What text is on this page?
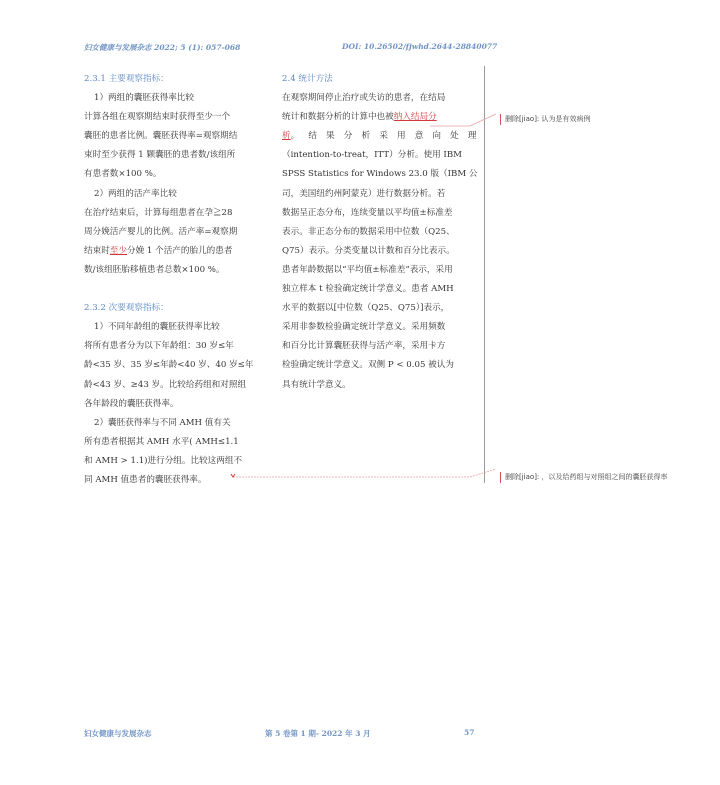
妇女健康与发展杂志 2022; 5 (1): 057-068	DOI: 10.26502/fjwhd.2644-28840077
2.3.1 主要观察指标：
1）两组的囊胚获得率比较
计算各组在观察期结束时获得至少一个
囊胚的患者比例。囊胚获得率=观察期结
束时至少获得 1 颗囊胚的患者数/该组所
有患者数×100 %。
2）两组的活产率比较
在治疗结束后，计算每组患者在孕≧28
周分娩活产婴儿的比例。活产率=观察期
结束时至少分娩 1 个活产的胎儿的患者
数/该组胚胎移植患者总数×100 %。
2.3.2 次要观察指标：
1）不同年龄组的囊胚获得率比较
将所有患者分为以下年龄组：30 岁≤年
龄<35 岁、35 岁≤年龄<40 岁、40 岁≤年
龄<43 岁、≥43 岁。比较给药组和对照组
各年龄段的囊胚获得率。
2）囊胚获得率与不同 AMH 值有关
所有患者根据其 AMH 水平( AMH≤1.1
和 AMH > 1.1)进行分组。比较这两组不
同 AMH 值患者的囊胚获得率。
2.4 统计方法
在观察期间停止治疗或失访的患者，在结局
统计和数据分析的计算中也被纳入结局分
析。 结 果 分 析 采 用 意 向 处 理
（intention-to-treat，ITT）分析。使用 IBM
SPSS Statistics for Windows 23.0 版（IBM 公
司，美国纽约州阿蒙克）进行数据分析。若
数据呈正态分布，连续变量以平均值±标准差
表示。非正态分布的数据采用中位数（Q25、
Q75）表示。分类变量以计数和百分比表示。
患者年龄数据以“平均值±标准差”表示，采用
独立样本 t 检验确定统计学意义。患者 AMH
水平的数据以[中位数（Q25、Q75）]表示，
采用非参数检验确定统计学意义。采用频数
和百分比计算囊胚获得与活产率，采用卡方
检验确定统计学意义。双侧 P < 0.05 被认为
具有统计学意义。
删除[jiao]: 认为是有效病例
删除[jiao]: ，以及给药组与对照组之间的囊胚获得率
妇女健康与发展杂志	第 5 卷第 1 期- 2022 年 3 月	57
